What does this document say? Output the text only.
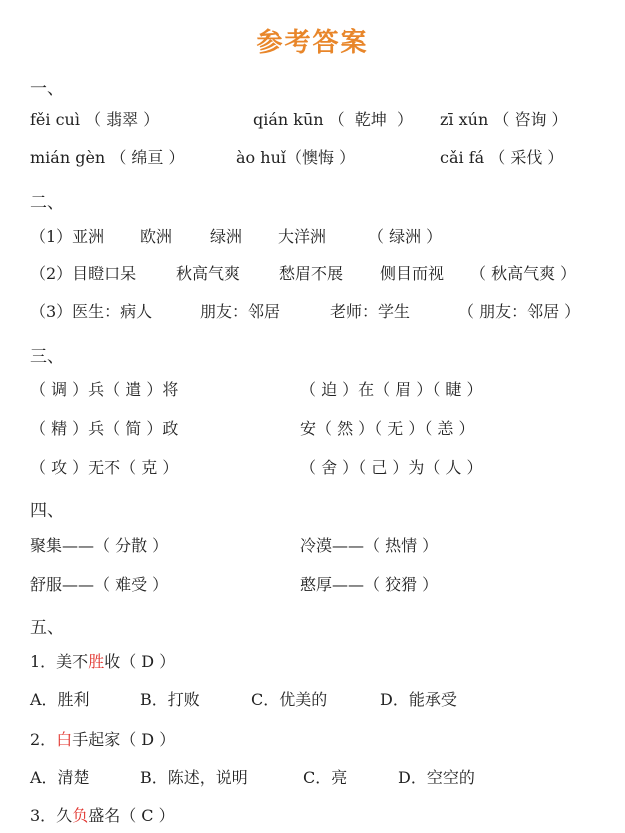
参考答案
一、
fěi cuì （ 翡翠 ）	qián kūn （  乾坤  ） zī xún （ 咨询 ）
mián gèn （ 绵亘 ）	ào huǐ（懊悔 ）	cǎi fá （ 采伐 ）
二、
（1）亚洲 欧洲 绿洲 大洋洲	（ 绿洲 ）
（2）目瞪口呆 秋高气爽 愁眉不展 侧目而视 （ 秋高气爽 ）
（3）医生：病人	朋友：邻居	老师：学生	（ 朋友：邻居 ）
三、
（ 调 ）兵（ 遣 ）将	（ 迫 ）在（ 眉 ）（ 睫 ）
（ 精 ）兵（ 简 ）政	安（ 然 ）（ 无 ）（ 恙 ）
（ 攻 ）无不（ 克 ）	（ 舍 ）（ 己 ）为（ 人 ）
四、
聚集——（ 分散 ）	冷漠——（ 热情 ）
舒服——（ 难受 ）	憨厚——（ 狡猾 ）
五、
1．美不胜收（ D ）
A．胜利	B．打败	C．优美的	D．能承受
2．白手起家（ D ）
A．清楚	B．陈述，说明	C．亮	D．空空的
3．久负盛名（ C ）
